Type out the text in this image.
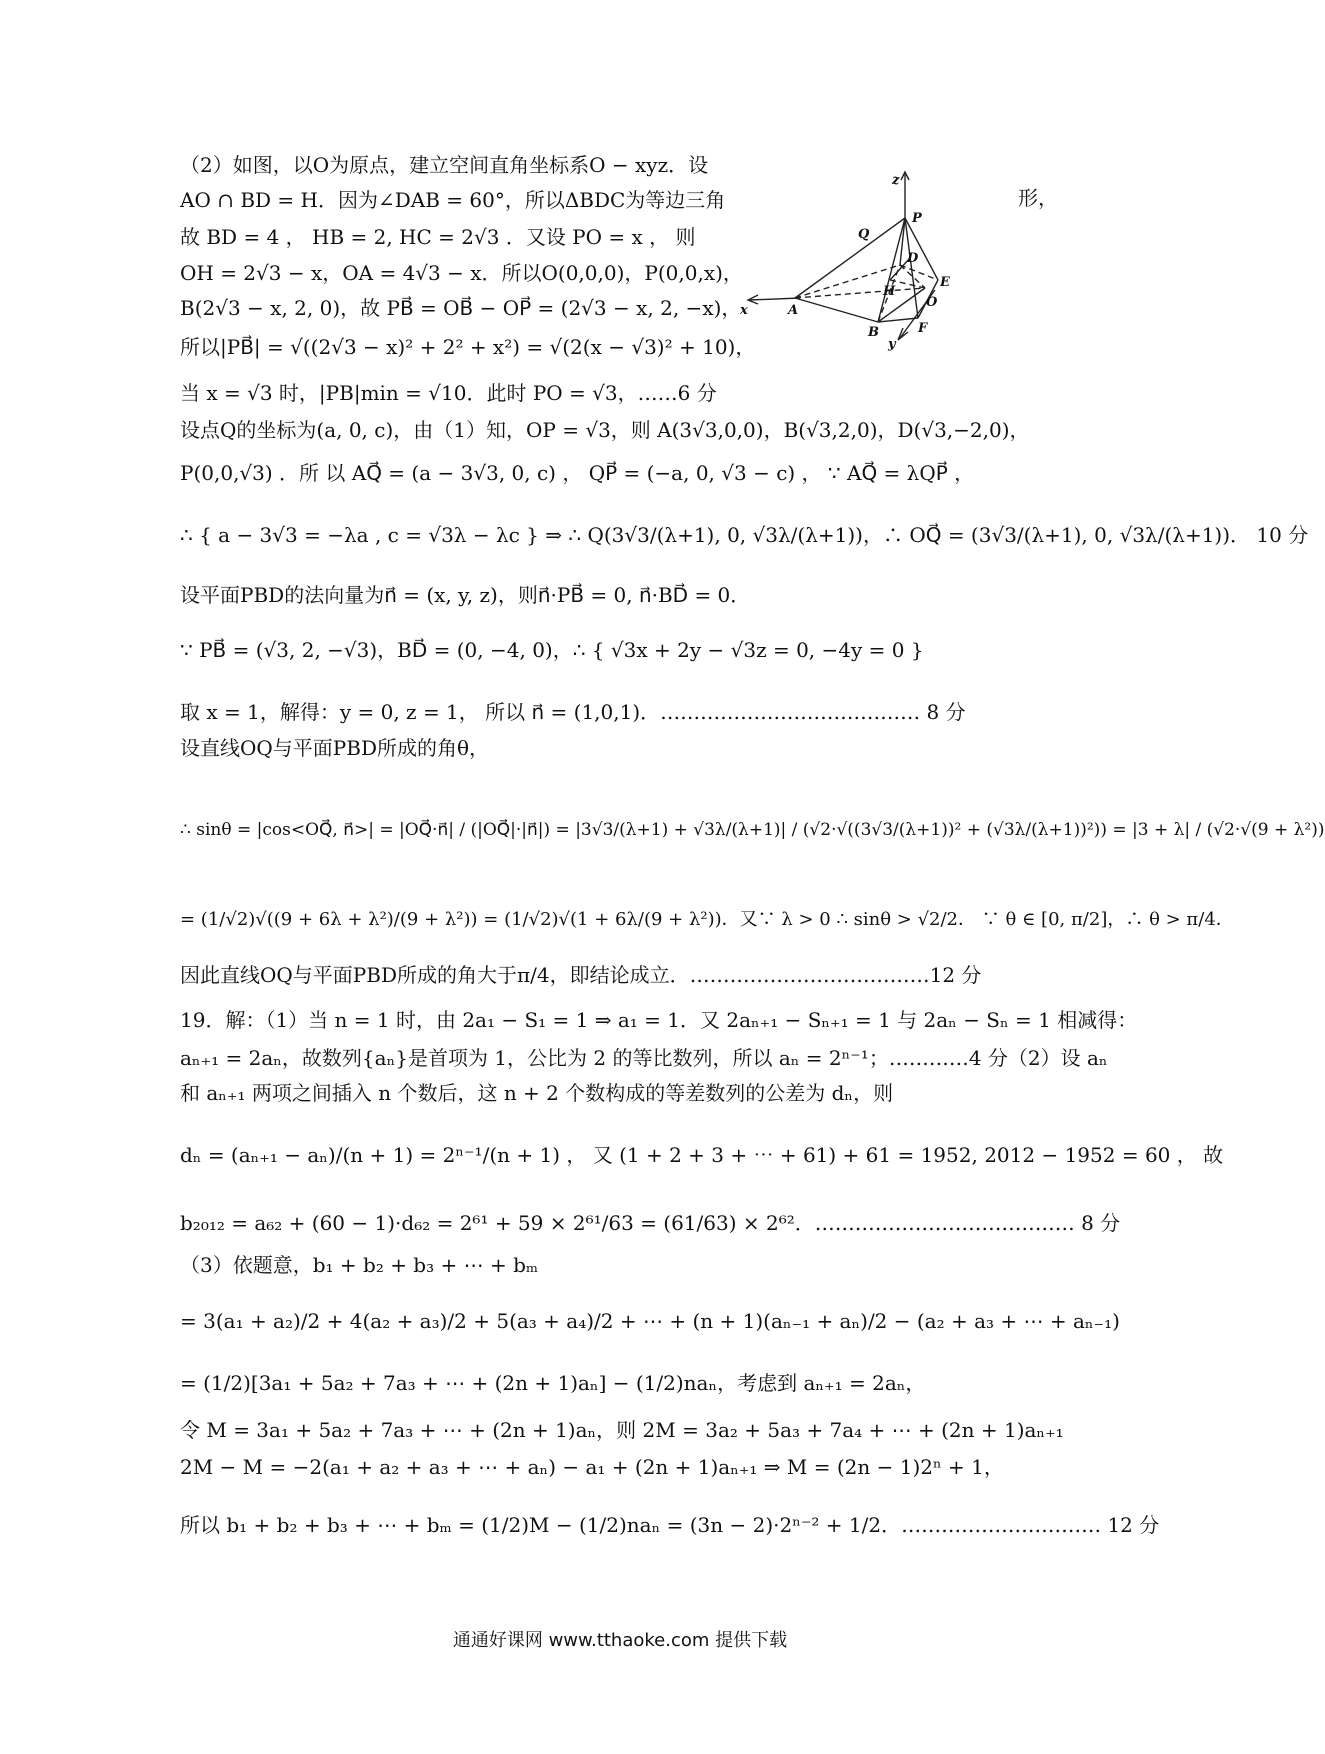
（2）如图，以O为原点，建立空间直角坐标系O − xyz．设
AO ∩ BD = H．因为∠DAB = 60°，所以ΔBDC为等边三角
故 BD = 4 ， HB = 2, HC = 2√3 ．又设 PO = x ， 则
OH = 2√3 − x，OA = 4√3 − x．所以O(0,0,0)，P(0,0,x)，
B(2√3 − x, 2, 0)，故 PB⃗ = OB⃗ − OP⃗ = (2√3 − x, 2, −x)，
所以|PB⃗| = √((2√3 − x)² + 2² + x²) = √(2(x − √3)² + 10)，
当 x = √3 时，|PB|min = √10．此时 PO = √3，……6 分
形，
z
P
Q
D
E
H
O
A
x
B	F
y
设点Q的坐标为(a, 0, c)，由（1）知，OP = √3，则 A(3√3,0,0)，B(√3,2,0)，D(√3,−2,0)，
P(0,0,√3) ．所 以 AQ⃗ = (a − 3√3, 0, c) ， QP⃗ = (−a, 0, √3 − c) ， ∵ AQ⃗ = λQP⃗ ，
∴ { a − 3√3 = −λa , c = √3λ − λc } ⇒ ∴ Q(3√3/(λ+1), 0, √3λ/(λ+1))，∴ OQ⃗ = (3√3/(λ+1), 0, √3λ/(λ+1))． 10 分
设平面PBD的法向量为n⃗ = (x, y, z)，则n⃗·PB⃗ = 0, n⃗·BD⃗ = 0．
∵ PB⃗ = (√3, 2, −√3)，BD⃗ = (0, −4, 0)，∴ { √3x + 2y − √3z = 0, −4y = 0 }
取 x = 1，解得：y = 0, z = 1， 所以 n⃗ = (1,0,1)．………………………………… 8 分
设直线OQ与平面PBD所成的角θ，
∴ sinθ = |cos<OQ⃗, n⃗>| = |OQ⃗·n⃗| / (|OQ⃗|·|n⃗|) = |3√3/(λ+1) + √3λ/(λ+1)| / (√2·√((3√3/(λ+1))² + (√3λ/(λ+1))²)) = |3 + λ| / (√2·√(9 + λ²))
= (1/√2)√((9 + 6λ + λ²)/(9 + λ²)) = (1/√2)√(1 + 6λ/(9 + λ²))．又∵ λ > 0 ∴ sinθ > √2/2． ∵ θ ∈ [0, π/2]，∴ θ > π/4．
因此直线OQ与平面PBD所成的角大于π/4，即结论成立．………………………………12 分
19．解：（1）当 n = 1 时，由 2a₁ − S₁ = 1 ⇒ a₁ = 1．又 2aₙ₊₁ − Sₙ₊₁ = 1 与 2aₙ − Sₙ = 1 相减得：
aₙ₊₁ = 2aₙ，故数列{aₙ}是首项为 1，公比为 2 的等比数列，所以 aₙ = 2ⁿ⁻¹；…………4 分（2）设 aₙ
和 aₙ₊₁ 两项之间插入 n 个数后，这 n + 2 个数构成的等差数列的公差为 dₙ，则
dₙ = (aₙ₊₁ − aₙ)/(n + 1) = 2ⁿ⁻¹/(n + 1) ， 又 (1 + 2 + 3 + ⋯ + 61) + 61 = 1952, 2012 − 1952 = 60 ， 故
b₂₀₁₂ = a₆₂ + (60 − 1)·d₆₂ = 2⁶¹ + 59 × 2⁶¹/63 = (61/63) × 2⁶²．………………………………… 8 分
（3）依题意，b₁ + b₂ + b₃ + ⋯ + bₘ
= 3(a₁ + a₂)/2 + 4(a₂ + a₃)/2 + 5(a₃ + a₄)/2 + ⋯ + (n + 1)(aₙ₋₁ + aₙ)/2 − (a₂ + a₃ + ⋯ + aₙ₋₁)
= (1/2)[3a₁ + 5a₂ + 7a₃ + ⋯ + (2n + 1)aₙ] − (1/2)naₙ，考虑到 aₙ₊₁ = 2aₙ，
令 M = 3a₁ + 5a₂ + 7a₃ + ⋯ + (2n + 1)aₙ，则 2M = 3a₂ + 5a₃ + 7a₄ + ⋯ + (2n + 1)aₙ₊₁
2M − M = −2(a₁ + a₂ + a₃ + ⋯ + aₙ) − a₁ + (2n + 1)aₙ₊₁ ⇒ M = (2n − 1)2ⁿ + 1，
所以 b₁ + b₂ + b₃ + ⋯ + bₘ = (1/2)M − (1/2)naₙ = (3n − 2)·2ⁿ⁻² + 1/2．………………………… 12 分
通通好课网 www.tthaoke.com 提供下载
